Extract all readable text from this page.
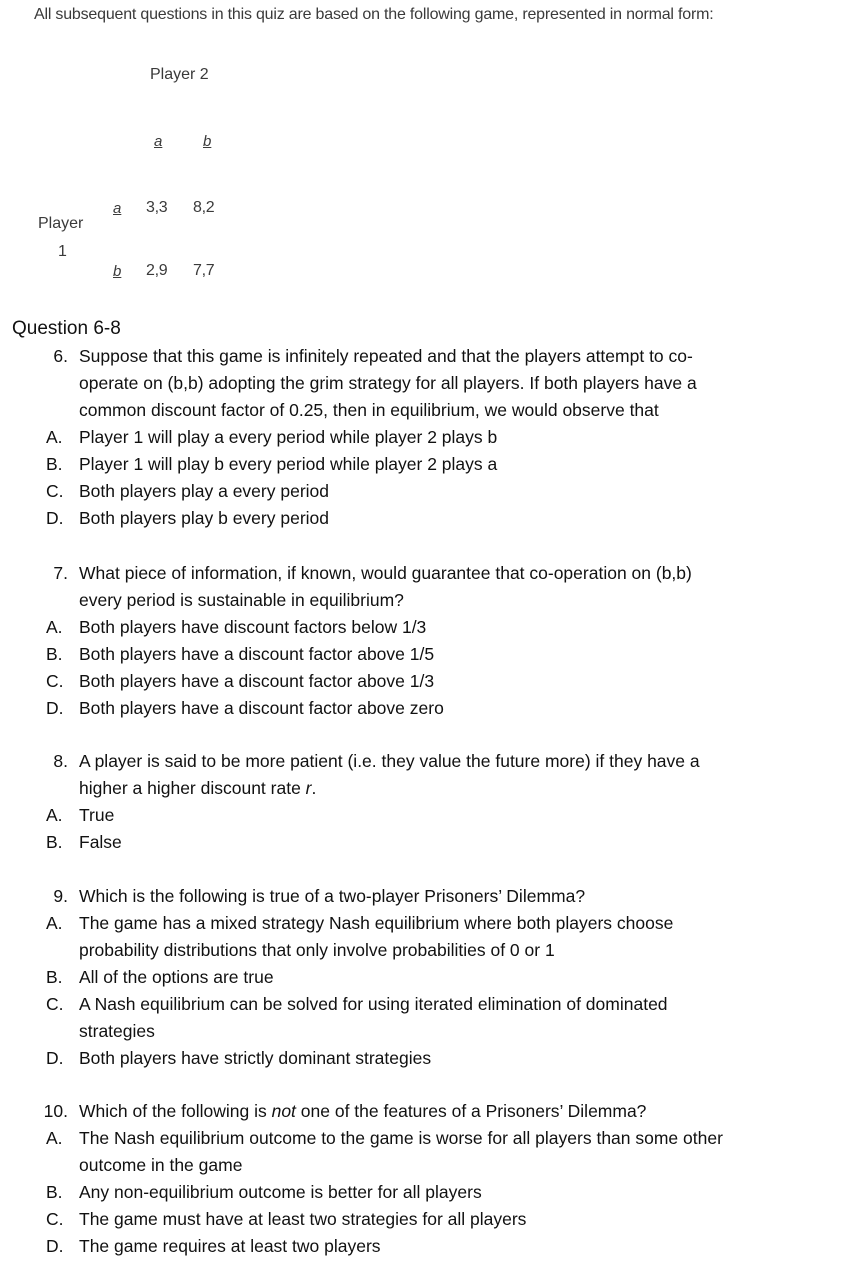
All subsequent questions in this quiz are based on the following game, represented in normal form:
Player 2
a	b
Player
1
a
b
3,3 8,2
2,9 7,7
Question 6-8
6. Suppose that this game is infinitely repeated and that the players attempt to co-
operate on (b,b) adopting the grim strategy for all players. If both players have a
common discount factor of 0.25, then in equilibrium, we would observe that
A. Player 1 will play a every period while player 2 plays b
B. Player 1 will play b every period while player 2 plays a
C. Both players play a every period
D. Both players play b every period
7. What piece of information, if known, would guarantee that co-operation on (b,b)
every period is sustainable in equilibrium?
A. Both players have discount factors below 1/3
B. Both players have a discount factor above 1/5
C. Both players have a discount factor above 1/3
D. Both players have a discount factor above zero
8. A player is said to be more patient (i.e. they value the future more) if they have a
higher a higher discount rate r.
A. True
B. False
9. Which is the following is true of a two-player Prisoners’ Dilemma?
A. The game has a mixed strategy Nash equilibrium where both players choose
probability distributions that only involve probabilities of 0 or 1
B. All of the options are true
C. A Nash equilibrium can be solved for using iterated elimination of dominated
strategies
D. Both players have strictly dominant strategies
10. Which of the following is not one of the features of a Prisoners’ Dilemma?
A. The Nash equilibrium outcome to the game is worse for all players than some other
outcome in the game
B. Any non-equilibrium outcome is better for all players
C. The game must have at least two strategies for all players
D. The game requires at least two players
